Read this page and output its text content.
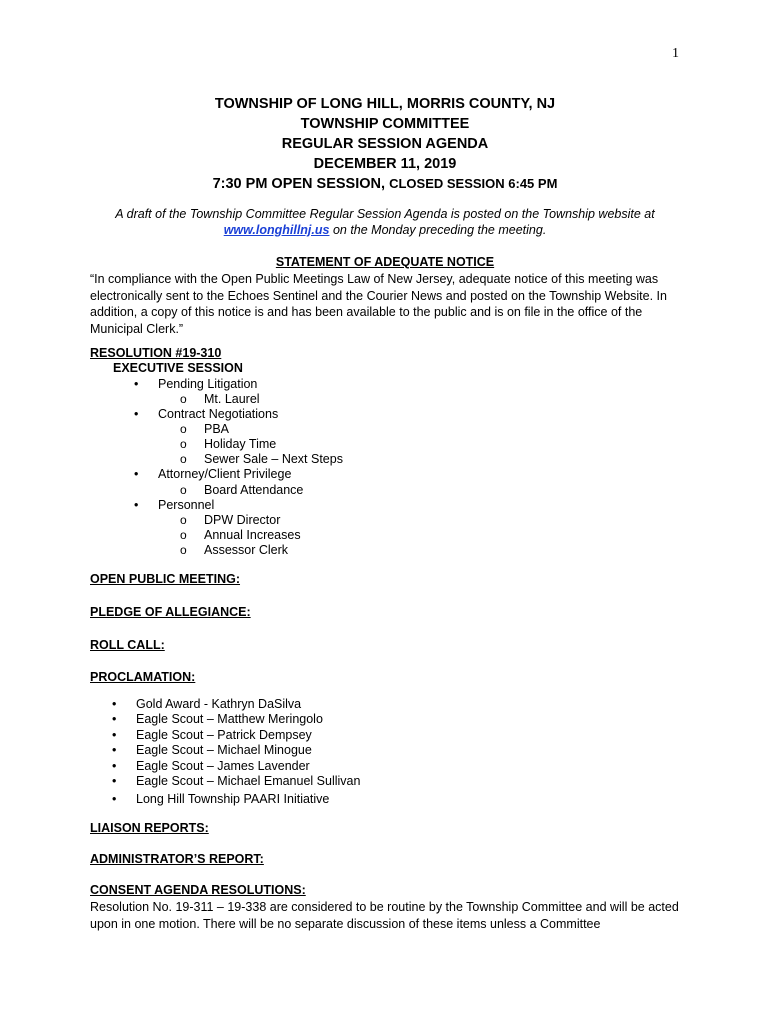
1
TOWNSHIP OF LONG HILL, MORRIS COUNTY, NJ
TOWNSHIP COMMITTEE
REGULAR SESSION AGENDA
DECEMBER 11, 2019
7:30 PM OPEN SESSION, CLOSED SESSION 6:45 PM
A draft of the Township Committee Regular Session Agenda is posted on the Township website at
www.longhillnj.us on the Monday preceding the meeting.
STATEMENT OF ADEQUATE NOTICE
“In compliance with the Open Public Meetings Law of New Jersey, adequate notice of this meeting was electronically sent to the Echoes Sentinel and the Courier News and posted on the Township Website. In addition, a copy of this notice is and has been available to the public and is on file in the office of the Municipal Clerk.”
RESOLUTION #19-310
EXECUTIVE SESSION
• Pending Litigation
o Mt. Laurel
• Contract Negotiations
o PBA
o Holiday Time
o Sewer Sale – Next Steps
• Attorney/Client Privilege
o Board Attendance
• Personnel
o DPW Director
o Annual Increases
o Assessor Clerk
OPEN PUBLIC MEETING:
PLEDGE OF ALLEGIANCE:
ROLL CALL:
PROCLAMATION:
• Gold Award - Kathryn DaSilva
• Eagle Scout – Matthew Meringolo
• Eagle Scout – Patrick Dempsey
• Eagle Scout – Michael Minogue
• Eagle Scout – James Lavender
• Eagle Scout – Michael Emanuel Sullivan
• Long Hill Township PAARI Initiative
LIAISON REPORTS:
ADMINISTRATOR’S REPORT:
CONSENT AGENDA RESOLUTIONS:
Resolution No. 19-311 – 19-338 are considered to be routine by the Township Committee and will be acted upon in one motion. There will be no separate discussion of these items unless a Committee
